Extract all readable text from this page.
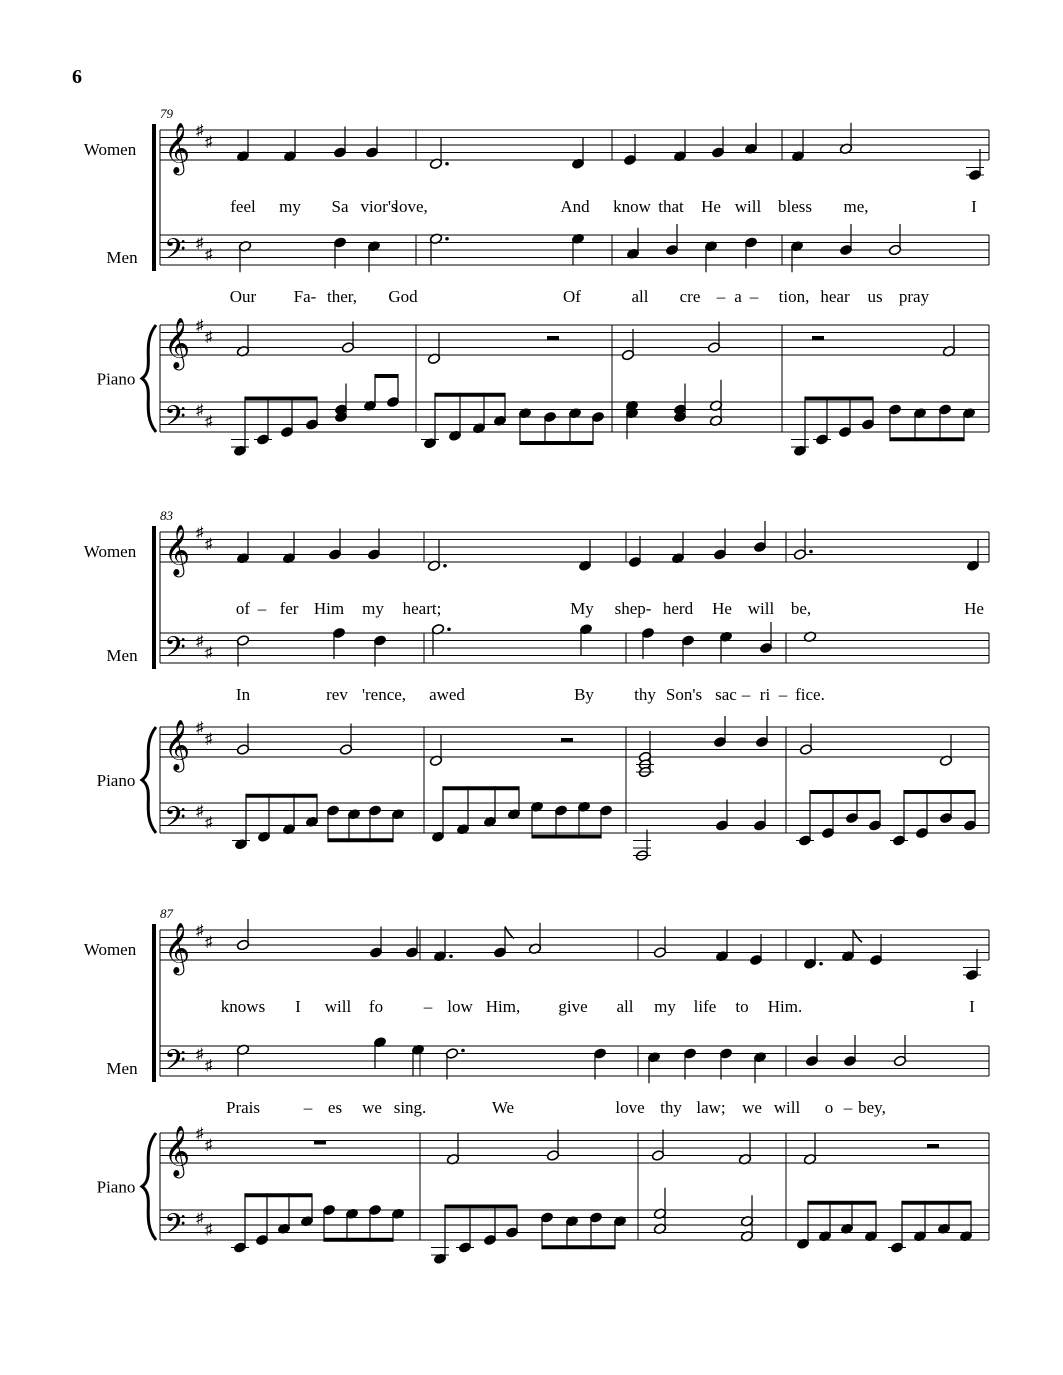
6
Women
Men
Piano
79
𝄞 ♯
♯
𝄢 ♯
♯
𝄞 ♯
♯
𝄢 ♯
♯
feel my Sa vior's
love,	And know that He will bless me,	I
Our Fa- ther, God	Of	all cre – a – tion, hear us pray
Women
Men
Piano
83
𝄞 ♯
♯
𝄢 ♯
♯
𝄞 ♯
♯
𝄢 ♯
♯
of – fer Him my heart;	My shep- herd He will be,	He
In	rev 'rence, awed	By thy Son's sac – ri – fice.
Women
Men
Piano
87
𝄞 ♯
♯
𝄢 ♯
♯
𝄞 ♯
♯
𝄢 ♯
♯
knows I will fo – low Him, give all my life to Him.	I
Prais	– es we sing.	We	love thy law; we will o – bey,
